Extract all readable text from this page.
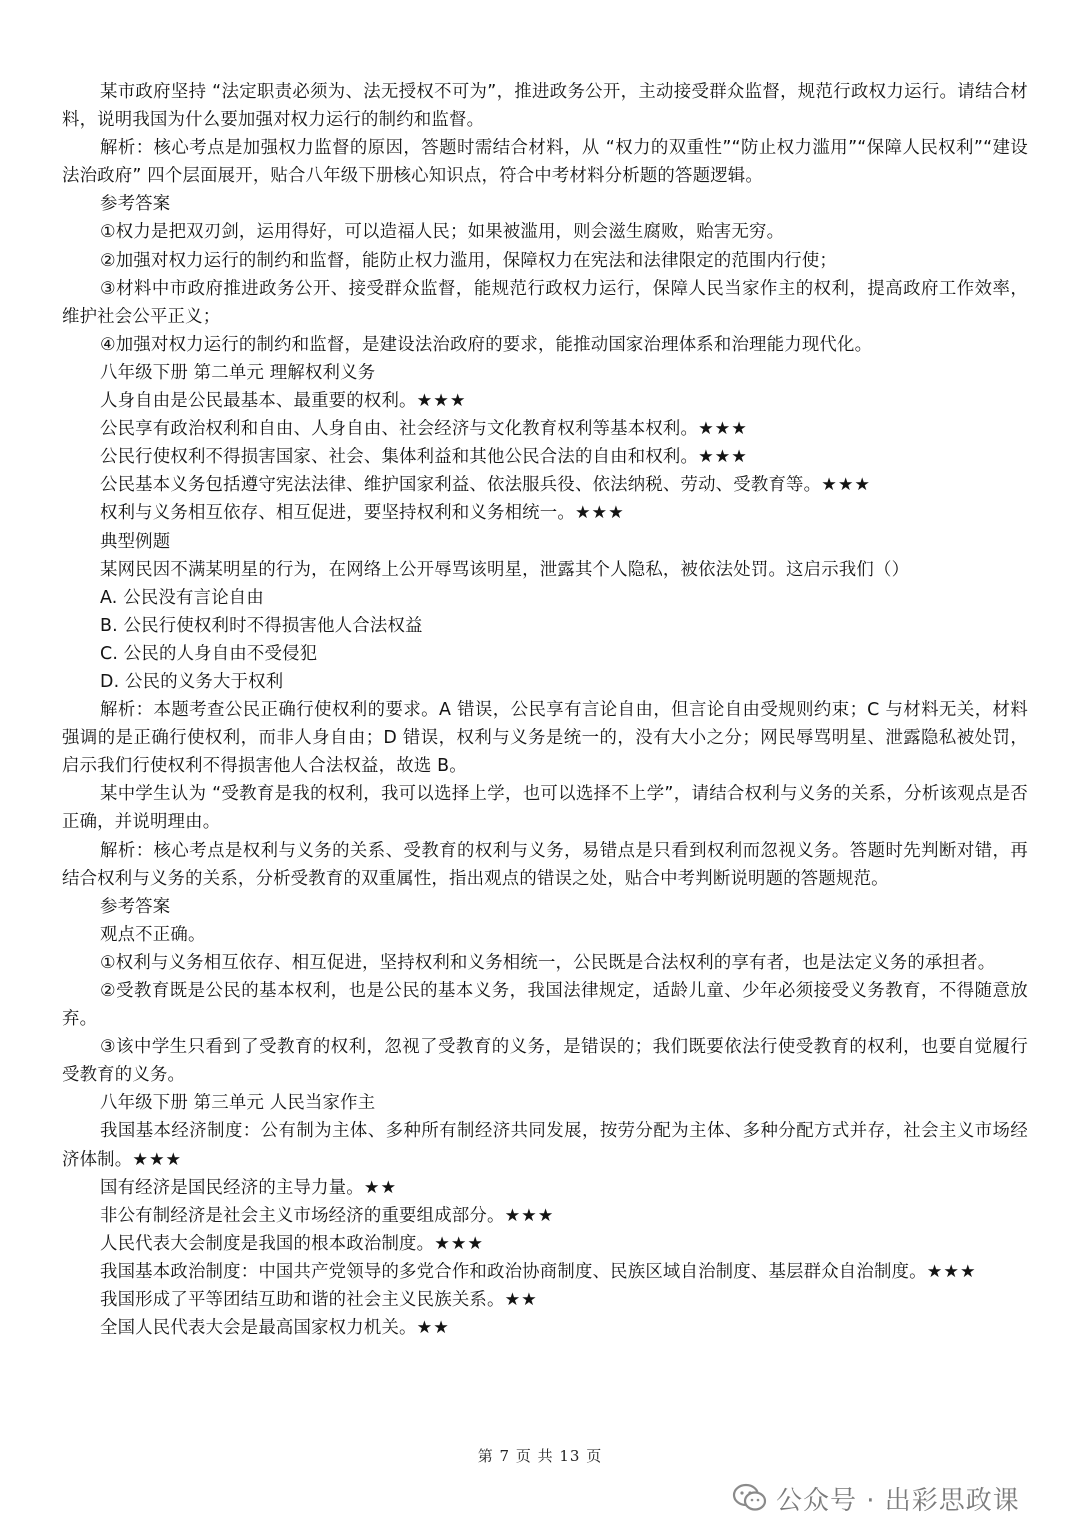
某市政府坚持 “法定职责必须为、法无授权不可为”，推进政务公开，主动接受群众监督，规范行政权力运行。请结合材料，说明我国为什么要加强对权力运行的制约和监督。
解析：核心考点是加强权力监督的原因，答题时需结合材料，从 “权力的双重性”“防止权力滥用”“保障人民权利”“建设法治政府” 四个层面展开，贴合八年级下册核心知识点，符合中考材料分析题的答题逻辑。
参考答案
①权力是把双刃剑，运用得好，可以造福人民；如果被滥用，则会滋生腐败，贻害无穷。
②加强对权力运行的制约和监督，能防止权力滥用，保障权力在宪法和法律限定的范围内行使；
③材料中市政府推进政务公开、接受群众监督，能规范行政权力运行，保障人民当家作主的权利，提高政府工作效率，维护社会公平正义；
④加强对权力运行的制约和监督，是建设法治政府的要求，能推动国家治理体系和治理能力现代化。
八年级下册 第二单元 理解权利义务
人身自由是公民最基本、最重要的权利。★★★
公民享有政治权利和自由、人身自由、社会经济与文化教育权利等基本权利。★★★
公民行使权利不得损害国家、社会、集体利益和其他公民合法的自由和权利。★★★
公民基本义务包括遵守宪法法律、维护国家利益、依法服兵役、依法纳税、劳动、受教育等。★★★
权利与义务相互依存、相互促进，要坚持权利和义务相统一。★★★
典型例题
某网民因不满某明星的行为，在网络上公开辱骂该明星，泄露其个人隐私，被依法处罚。这启示我们（）
A. 公民没有言论自由
B. 公民行使权利时不得损害他人合法权益
C. 公民的人身自由不受侵犯
D. 公民的义务大于权利
解析：本题考查公民正确行使权利的要求。A 错误，公民享有言论自由，但言论自由受规则约束；C 与材料无关，材料强调的是正确行使权利，而非人身自由；D 错误，权利与义务是统一的，没有大小之分；网民辱骂明星、泄露隐私被处罚，启示我们行使权利不得损害他人合法权益，故选 B。
某中学生认为 “受教育是我的权利，我可以选择上学，也可以选择不上学”，请结合权利与义务的关系，分析该观点是否正确，并说明理由。
解析：核心考点是权利与义务的关系、受教育的权利与义务，易错点是只看到权利而忽视义务。答题时先判断对错，再结合权利与义务的关系，分析受教育的双重属性，指出观点的错误之处，贴合中考判断说明题的答题规范。
参考答案
观点不正确。
①权利与义务相互依存、相互促进，坚持权利和义务相统一，公民既是合法权利的享有者，也是法定义务的承担者。
②受教育既是公民的基本权利，也是公民的基本义务，我国法律规定，适龄儿童、少年必须接受义务教育，不得随意放弃。
③该中学生只看到了受教育的权利，忽视了受教育的义务，是错误的；我们既要依法行使受教育的权利，也要自觉履行受教育的义务。
八年级下册 第三单元 人民当家作主
我国基本经济制度：公有制为主体、多种所有制经济共同发展，按劳分配为主体、多种分配方式并存，社会主义市场经济体制。★★★
国有经济是国民经济的主导力量。★★
非公有制经济是社会主义市场经济的重要组成部分。★★★
人民代表大会制度是我国的根本政治制度。★★★
我国基本政治制度：中国共产党领导的多党合作和政治协商制度、民族区域自治制度、基层群众自治制度。★★★
我国形成了平等团结互助和谐的社会主义民族关系。★★
全国人民代表大会是最高国家权力机关。★★
第 7 页 共 13 页
公众号 · 出彩思政课
